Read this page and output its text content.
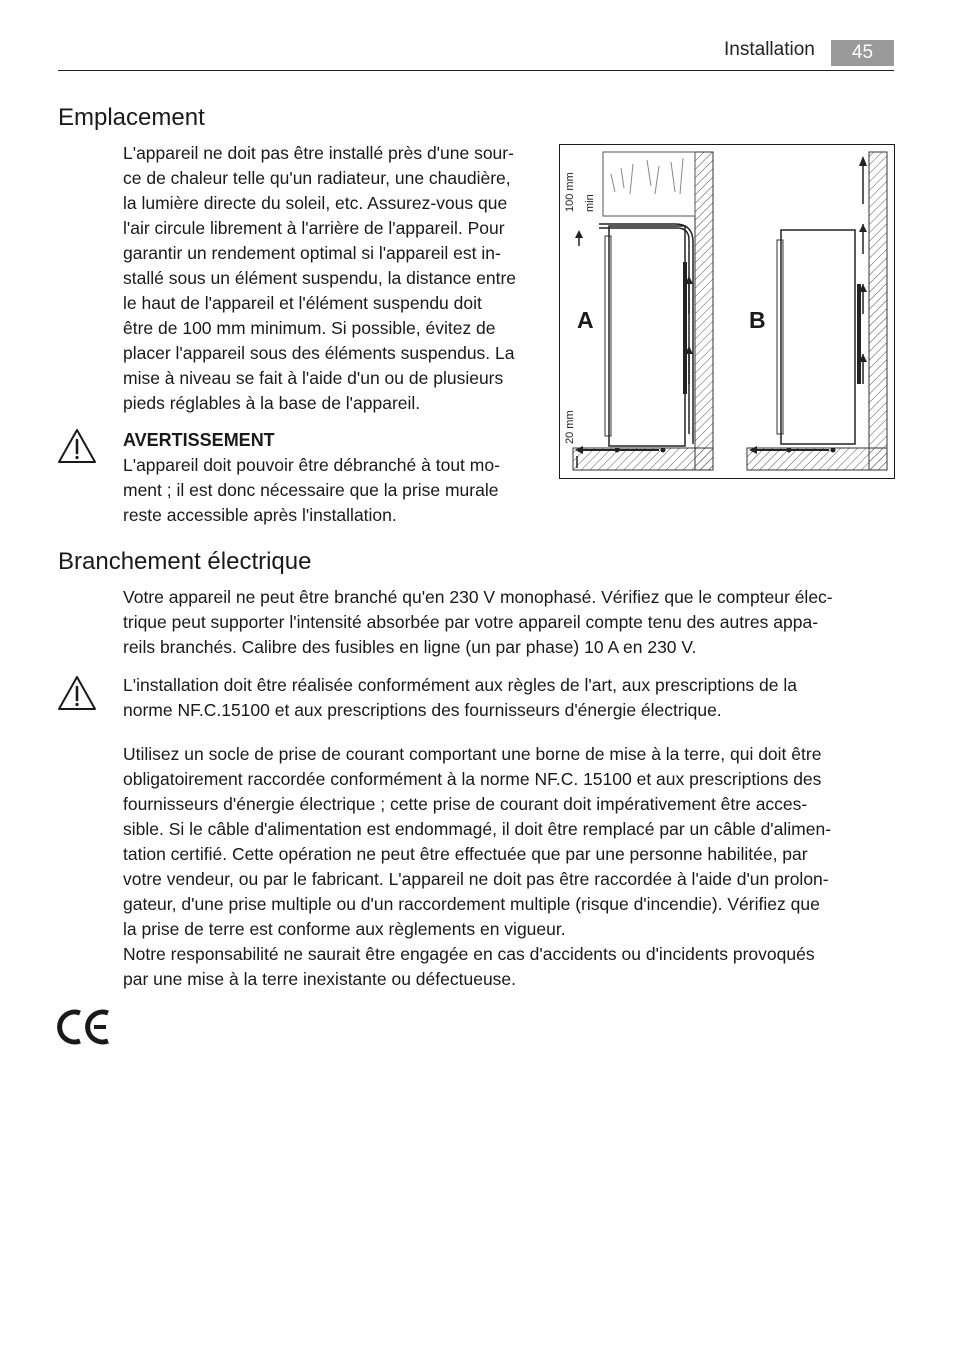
Installation	45
Emplacement

L'appareil ne doit pas être installé près d'une sour-
ce de chaleur telle qu'un radiateur, une chaudière,
la lumière directe du soleil, etc. Assurez-vous que
l'air circule librement à l'arrière de l'appareil. Pour
garantir un rendement optimal si l'appareil est in-
stallé sous un élément suspendu, la distance entre
le haut de l'appareil et l'élément suspendu doit
être de 100 mm minimum. Si possible, évitez de
placer l'appareil sous des éléments suspendus. La
mise à niveau se fait à l'aide d'un ou de plusieurs
pieds réglables à la base de l'appareil.

AVERTISSEMENT

L'appareil doit pouvoir être débranché à tout mo-
ment ; il est donc nécessaire que la prise murale
reste accessible après l'installation.

A
100 mm min
20 mm
B
Branchement électrique

Votre appareil ne peut être branché qu'en 230 V monophasé. Vérifiez que le compteur élec-
trique peut supporter l'intensité absorbée par votre appareil compte tenu des autres appa-
reils branchés. Calibre des fusibles en ligne (un par phase) 10 A en 230 V.

L'installation doit être réalisée conformément aux règles de l'art, aux prescriptions de la
norme NF.C.15100 et aux prescriptions des fournisseurs d'énergie électrique.

Utilisez un socle de prise de courant comportant une borne de mise à la terre, qui doit être
obligatoirement raccordée conformément à la norme NF.C. 15100 et aux prescriptions des
fournisseurs d'énergie électrique ; cette prise de courant doit impérativement être acces-
sible. Si le câble d'alimentation est endommagé, il doit être remplacé par un câble d'alimen-
tation certifié. Cette opération ne peut être effectuée que par une personne habilitée, par
votre vendeur, ou par le fabricant. L'appareil ne doit pas être raccordée à l'aide d'un prolon-
gateur, d'une prise multiple ou d'un raccordement multiple (risque d'incendie). Vérifiez que
la prise de terre est conforme aux règlements en vigueur.
Notre responsabilité ne saurait être engagée en cas d'accidents ou d'incidents provoqués
par une mise à la terre inexistante ou défectueuse.
